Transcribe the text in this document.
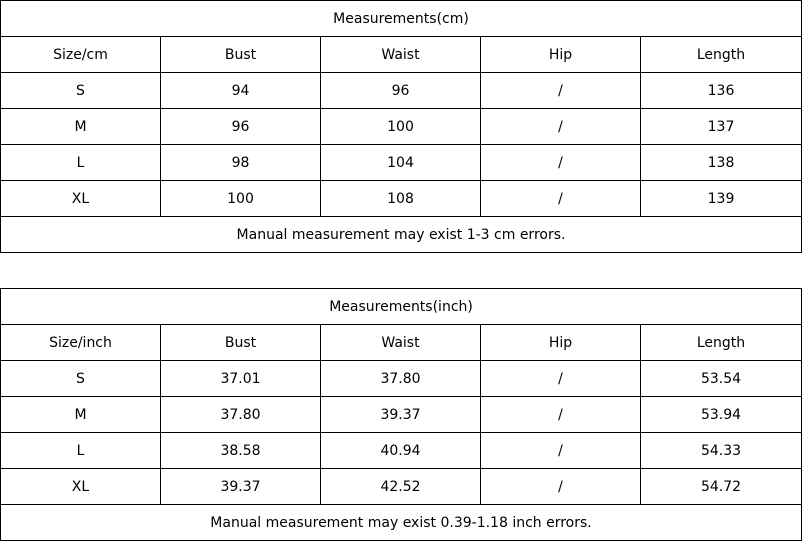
Measurements(cm)				
Size/cm	Bust	Waist	Hip	Length
S	94	96	/	136
M	96	100	/	137
L	98	104	/	138
XL	100	108	/	139
Manual measurement may exist 1-3 cm errors.				
Measurements(inch)				
Size/inch	Bust	Waist	Hip	Length
S	37.01	37.80	/	53.54
M	37.80	39.37	/	53.94
L	38.58	40.94	/	54.33
XL	39.37	42.52	/	54.72
Manual measurement may exist 0.39-1.18 inch errors.				
